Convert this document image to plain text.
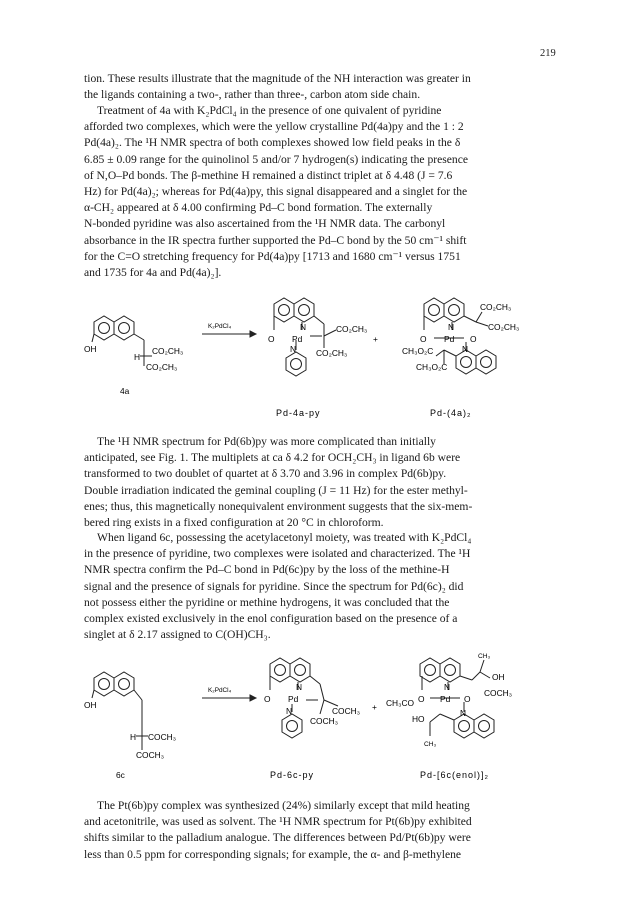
219
tion. These results illustrate that the magnitude of the NH interaction was greater in
the ligands containing a two-, rather than three-, carbon atom side chain.
Treatment of 4a with K₂PdCl₄ in the presence of one quivalent of pyridine
afforded two complexes, which were the yellow crystalline Pd(4a)py and the 1 : 2
Pd(4a)₂. The ¹H NMR spectra of both complexes showed low field peaks in the δ
6.85 ± 0.09 range for the quinolinol 5 and/or 7 hydrogen(s) indicating the presence
of N,O–Pd bonds. The β-methine H remained a distinct triplet at δ 4.48 (J = 7.6
Hz) for Pd(4a)₂; whereas for Pd(4a)py, this signal disappeared and a singlet for the
α-CH₂ appeared at δ 4.00 confirming Pd–C bond formation. The externally
N-bonded pyridine was also ascertained from the ¹H NMR data. The carbonyl
absorbance in the IR spectra further supported the Pd–C bond by the 50 cm⁻¹ shift
for the C=O stretching frequency for Pd(4a)py [1713 and 1680 cm⁻¹ versus 1751
and 1735 for 4a and Pd(4a)₂].
OH
H
CO₂CH₃
CO₂CH₃
4a
K₂PdCl₄	N
O Pd
CO₂CH₃
CO₂CH₃
N
+
Pd-4a-py
CO₂CH₃
CO₂CH₃
N
O Pd O
N
CH₃O₂C
CH₃O₂C
Pd-(4a)₂
The ¹H NMR spectrum for Pd(6b)py was more complicated than initially
anticipated, see Fig. 1. The multiplets at ca δ 4.2 for OCH₂CH₃ in ligand 6b were
transformed to two doublet of quartet at δ 3.70 and 3.96 in complex Pd(6b)py.
Double irradiation indicated the geminal coupling (J = 11 Hz) for the ester methyl-
enes; thus, this magnetically nonequivalent environment suggests that the six-mem-
bered ring exists in a fixed configuration at 20 °C in chloroform.
When ligand 6c, possessing the acetylacetonyl moiety, was treated with K₂PdCl₄
in the presence of pyridine, two complexes were isolated and characterized. The ¹H
NMR spectra confirm the Pd–C bond in Pd(6c)py by the loss of the methine-H
signal and the presence of signals for pyridine. Since the spectrum for Pd(6c)₂ did
not possess either the pyridine or methine hydrogens, it was concluded that the
complex existed exclusively in the enol configuration based on the presence of a
singlet at δ 2.17 assigned to C(OH)CH₃.
OH
H COCH₃
COCH₃
6c
K₂PdCl₄	N
O Pd
COCH₃
COCH₃
N	+
Pd-6c-py
CH₃
OH
COCH₃
N
CH₃CO O Pd O
N
HO
CH₃
Pd-[6c(enol)]₂
The Pt(6b)py complex was synthesized (24%) similarly except that mild heating
and acetonitrile, was used as solvent. The ¹H NMR spectrum for Pt(6b)py exhibited
shifts similar to the palladium analogue. The differences between Pd/Pt(6b)py were
less than 0.5 ppm for corresponding signals; for example, the α- and β-methylene
